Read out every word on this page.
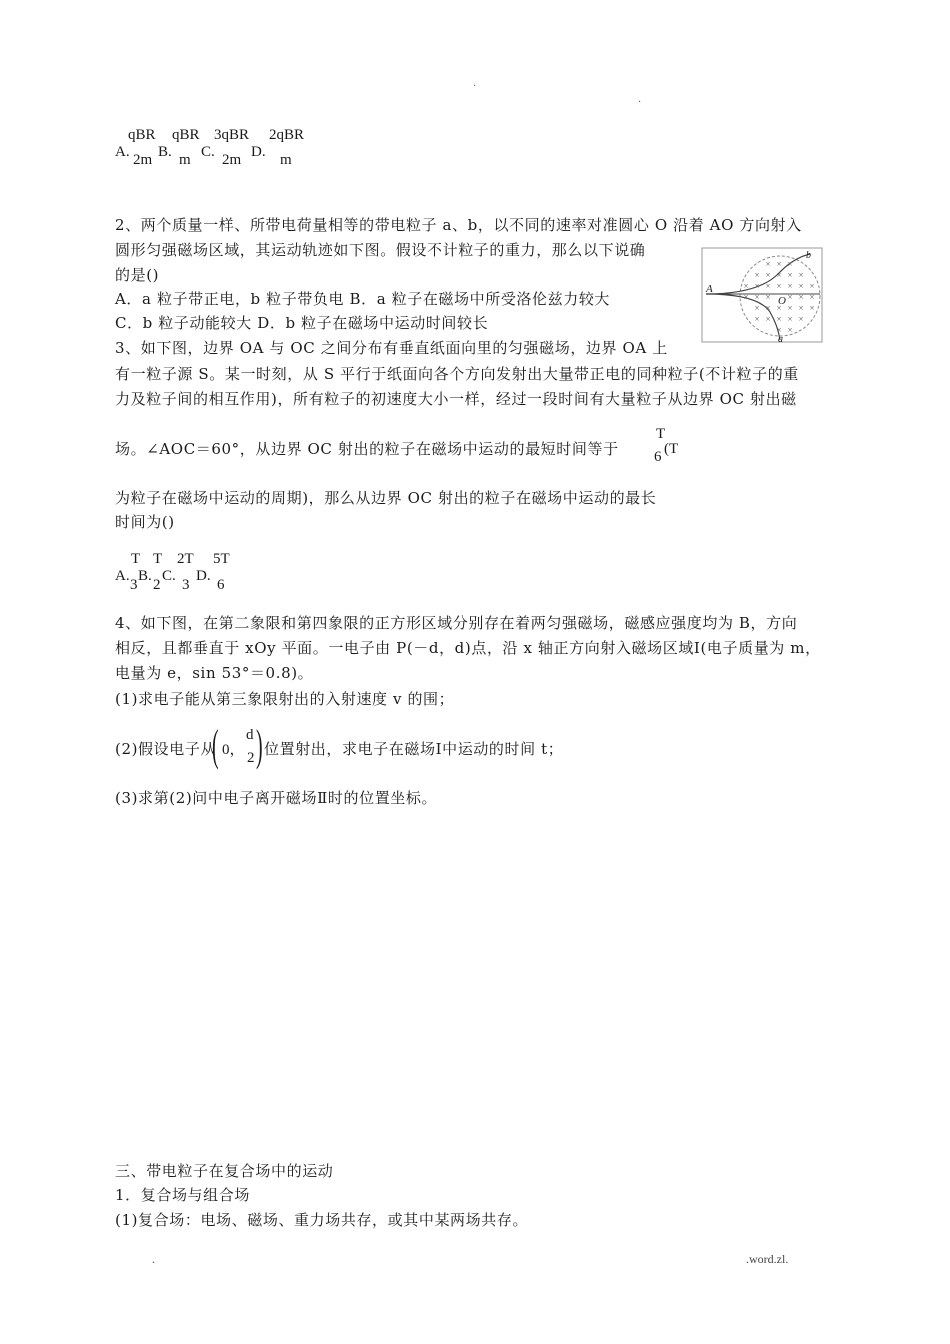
.
.
qBR qBR 3qBR 2qBR
A. B. C. D.
2m m 2m	m
2、两个质量一样、所带电荷量相等的带电粒子 a、b，以不同的速率对准圆心 O 沿着 AO 方向射入
圆形匀强磁场区域，其运动轨迹如下图。假设不计粒子的重力，那么以下说确
的是()
A．a 粒子带正电，b 粒子带负电 B．a 粒子在磁场中所受洛伦兹力较大
C．b 粒子动能较大 D．b 粒子在磁场中运动时间较长
× × ×
× × × × ×
× × × × × × ×
× × × × × ×
× × × × × ×
× × × × ×
× ×
A
O
b
a
3、如下图，边界 OA 与 OC 之间分布有垂直纸面向里的匀强磁场，边界 OA 上
有一粒子源 S。某一时刻，从 S 平行于纸面向各个方向发射出大量带正电的同种粒子(不计粒子的重
力及粒子间的相互作用)，所有粒子的初速度大小一样，经过一段时间有大量粒子从边界 OC 射出磁
场。∠AOC＝60°，从边界 OC 射出的粒子在磁场中运动的最短时间等于
T
6 (T
为粒子在磁场中运动的周期)，那么从边界 OC 射出的粒子在磁场中运动的最长
时间为()
T T 2T 5T
A. B. C. D.
3 2 3 6
4、如下图，在第二象限和第四象限的正方形区域分别存在着两匀强磁场，磁感应强度均为 B，方向
相反，且都垂直于 xOy 平面。一电子由 P(－d，d)点，沿 x 轴正方向射入磁场区域Ⅰ(电子质量为 m，
电量为 e，sin 53°＝0.8)。
(1)求电子能从第三象限射出的入射速度 v 的围；
(2)假设电子从
( 0，
d
2 ) 位置射出，求电子在磁场Ⅰ中运动的时间 t；
(3)求第(2)问中电子离开磁场Ⅱ时的位置坐标。
三、带电粒子在复合场中的运动
1．复合场与组合场
(1)复合场：电场、磁场、重力场共存，或其中某两场共存。
.	.word.zl.
